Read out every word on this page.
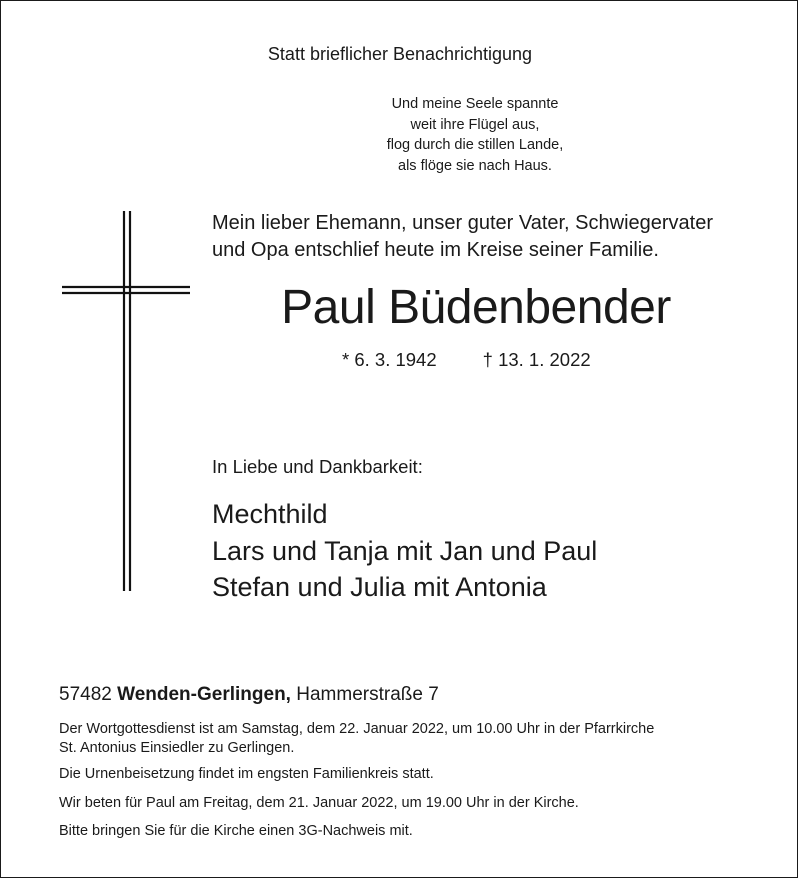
Statt brieflicher Benachrichtigung
Und meine Seele spannte
weit ihre Flügel aus,
flog durch die stillen Lande,
als flöge sie nach Haus.
Mein lieber Ehemann, unser guter Vater, Schwiegervater
und Opa entschlief heute im Kreise seiner Familie.
Paul Büdenbender
* 6. 3. 1942 † 13. 1. 2022
In Liebe und Dankbarkeit:
Mechthild
Lars und Tanja mit Jan und Paul
Stefan und Julia mit Antonia
57482 Wenden-Gerlingen, Hammerstraße 7
Der Wortgottesdienst ist am Samstag, dem 22. Januar 2022, um 10.00 Uhr in der Pfarrkirche
St. Antonius Einsiedler zu Gerlingen.
Die Urnenbeisetzung findet im engsten Familienkreis statt.
Wir beten für Paul am Freitag, dem 21. Januar 2022, um 19.00 Uhr in der Kirche.
Bitte bringen Sie für die Kirche einen 3G-Nachweis mit.
